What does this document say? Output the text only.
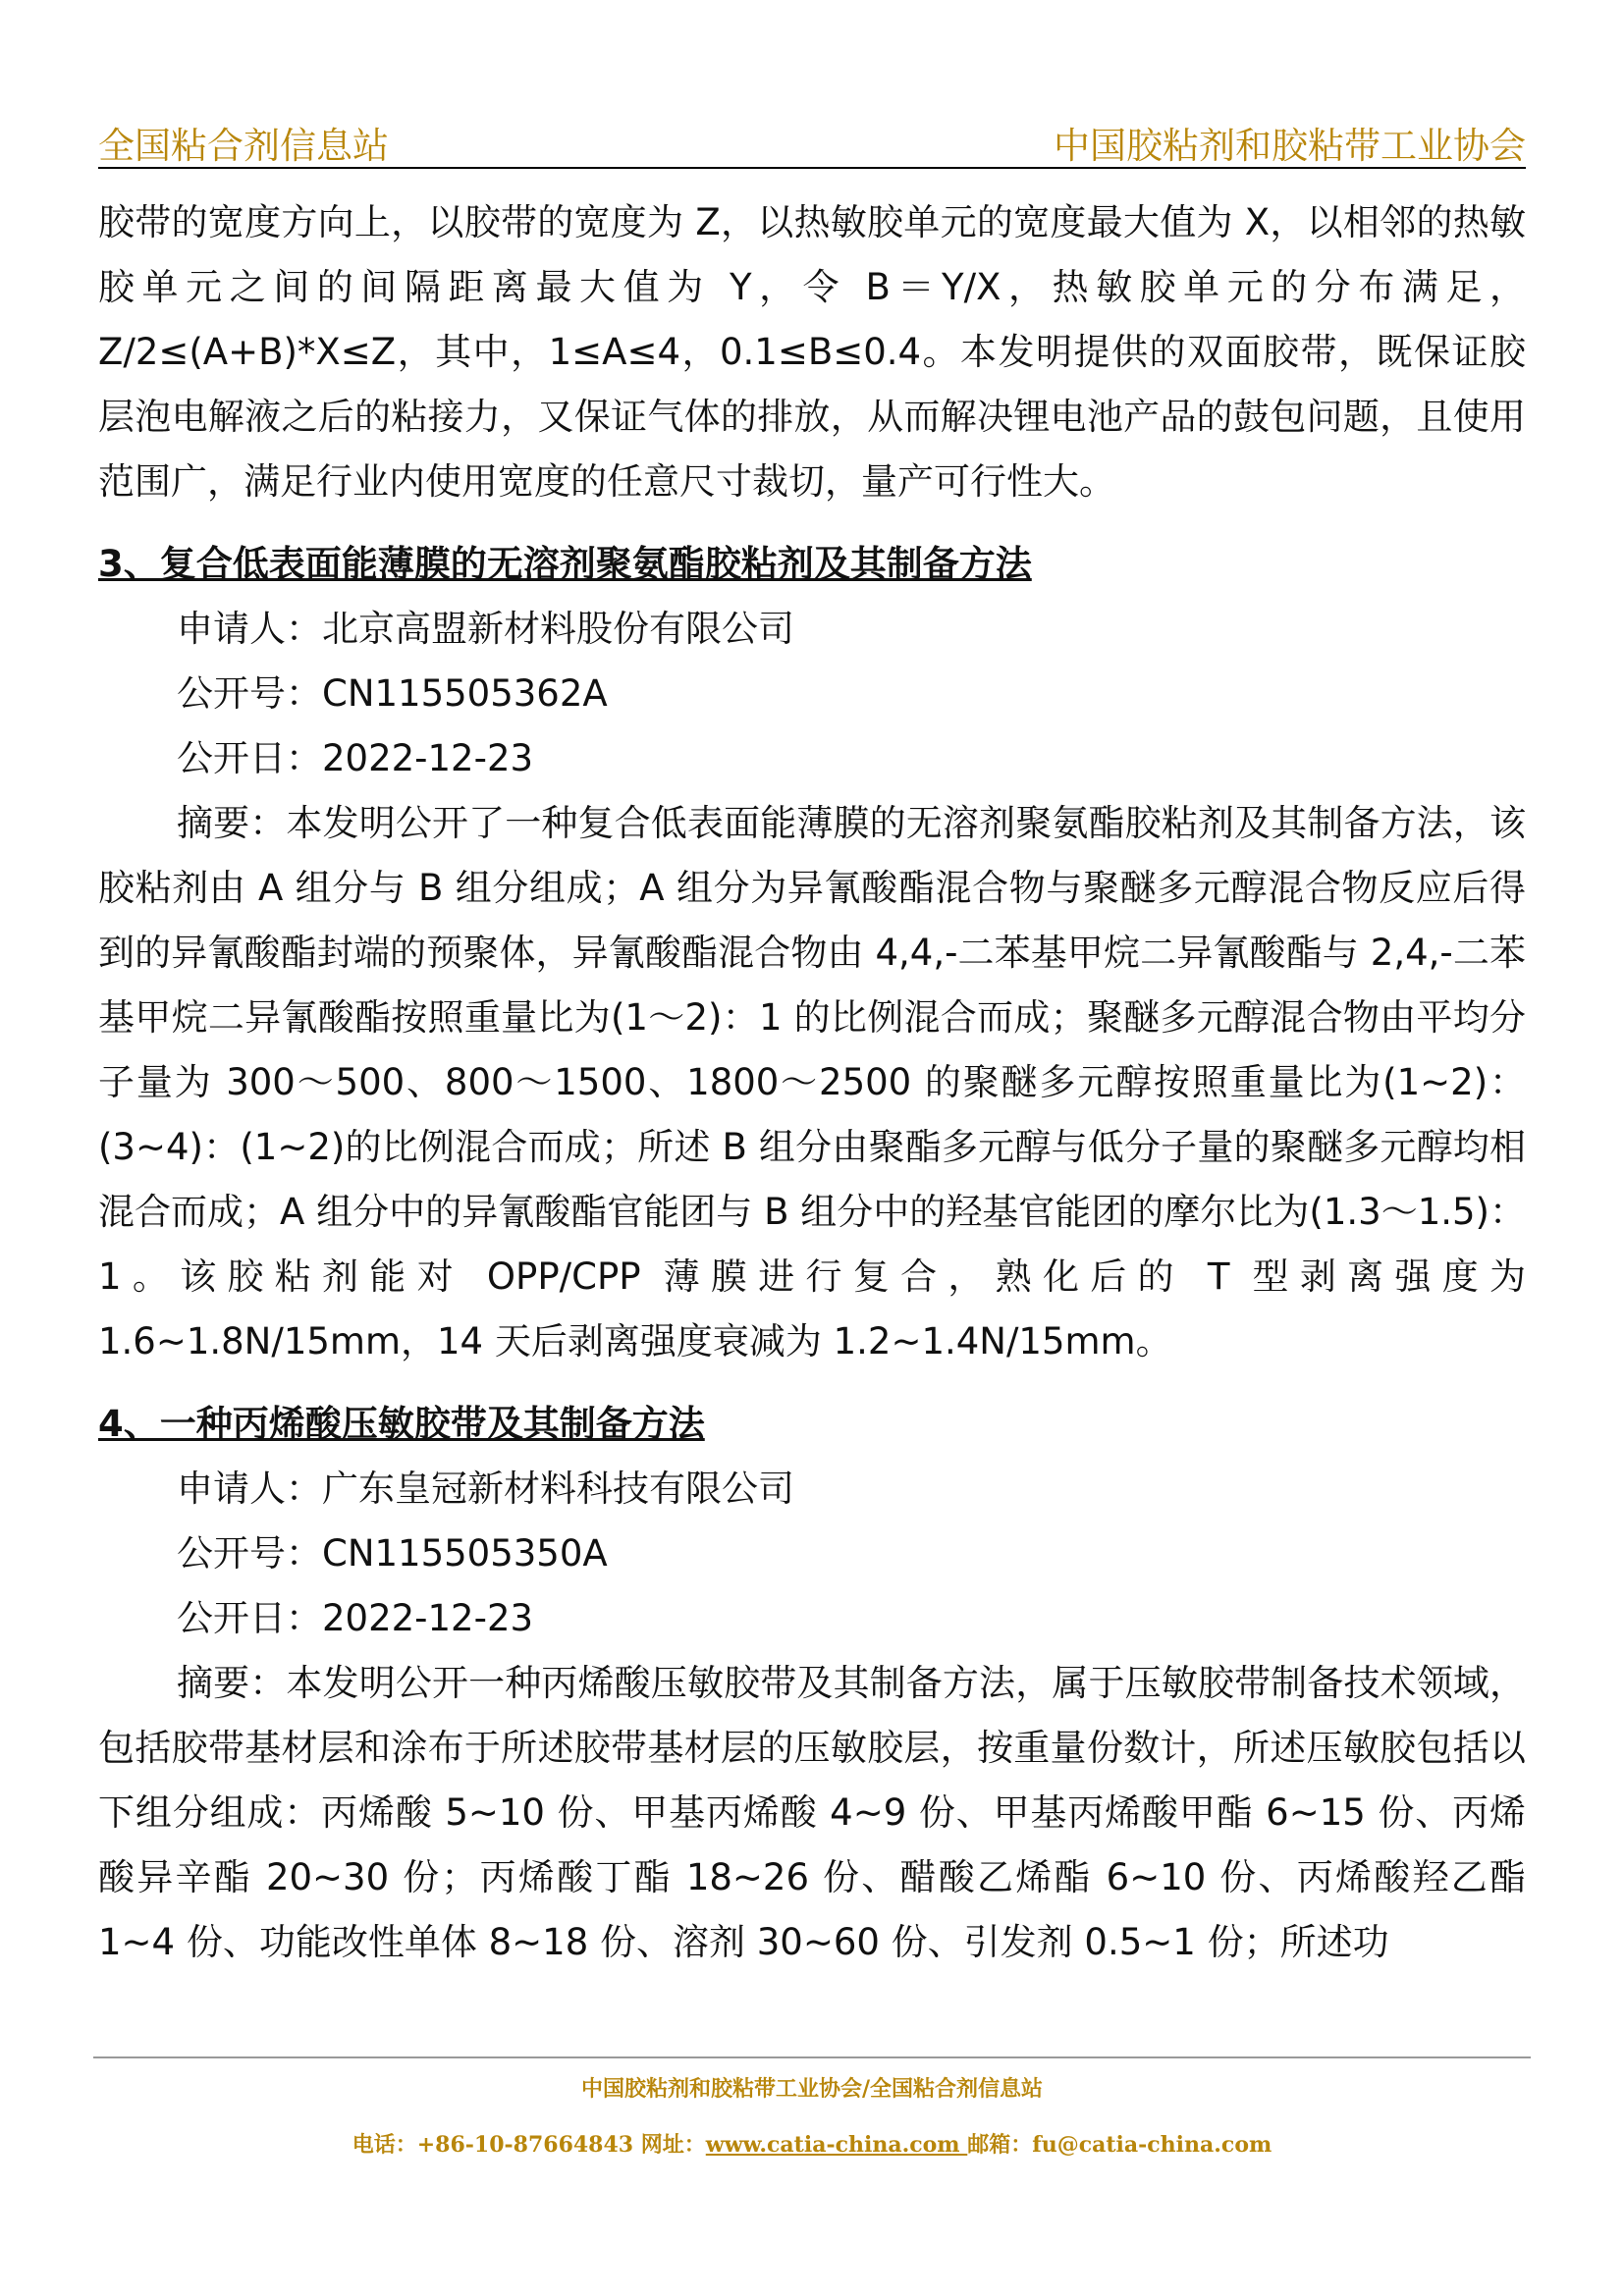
全国粘合剂信息站	中国胶粘剂和胶粘带工业协会

胶带的宽度方向上，以胶带的宽度为 Z，以热敏胶单元的宽度最大值为 X，以相邻的热敏胶单元之间的间隔距离最大值为 Y，令 B＝Y/X，热敏胶单元的分布满足，Z/2≤(A+B)*X≤Z，其中，1≤A≤4，0.1≤B≤0.4。本发明提供的双面胶带，既保证胶层泡电解液之后的粘接力，又保证气体的排放，从而解决锂电池产品的鼓包问题，且使用范围广，满足行业内使用宽度的任意尺寸裁切，量产可行性大。

3、复合低表面能薄膜的无溶剂聚氨酯胶粘剂及其制备方法

申请人：北京高盟新材料股份有限公司

公开号：CN115505362A

公开日：2022-12-23

摘要：本发明公开了一种复合低表面能薄膜的无溶剂聚氨酯胶粘剂及其制备方法，该胶粘剂由 A 组分与 B 组分组成；A 组分为异氰酸酯混合物与聚醚多元醇混合物反应后得到的异氰酸酯封端的预聚体，异氰酸酯混合物由 4,4,-二苯基甲烷二异氰酸酯与 2,4,-二苯基甲烷二异氰酸酯按照重量比为(1～2)：1 的比例混合而成；聚醚多元醇混合物由平均分子量为 300～500、800～1500、1800～2500 的聚醚多元醇按照重量比为(1~2)：(3~4)：(1~2)的比例混合而成；所述 B 组分由聚酯多元醇与低分子量的聚醚多元醇均相混合而成；A 组分中的异氰酸酯官能团与 B 组分中的羟基官能团的摩尔比为(1.3～1.5)：1。该胶粘剂能对 OPP/CPP 薄膜进行复合，熟化后的 T 型剥离强度为 1.6~1.8N/15mm，14 天后剥离强度衰减为 1.2~1.4N/15mm。

4、一种丙烯酸压敏胶带及其制备方法

申请人：广东皇冠新材料科技有限公司

公开号：CN115505350A

公开日：2022-12-23

摘要：本发明公开一种丙烯酸压敏胶带及其制备方法，属于压敏胶带制备技术领域，包括胶带基材层和涂布于所述胶带基材层的压敏胶层，按重量份数计，所述压敏胶包括以下组分组成：丙烯酸 5~10 份、甲基丙烯酸 4~9 份、甲基丙烯酸甲酯 6~15 份、丙烯酸异辛酯 20~30 份；丙烯酸丁酯 18~26 份、醋酸乙烯酯 6~10 份、丙烯酸羟乙酯 1~4 份、功能改性单体 8~18 份、溶剂 30~60 份、引发剂 0.5~1 份；所述功

中国胶粘剂和胶粘带工业协会/全国粘合剂信息站
电话：+86-10-87664843 网址：www.catia-china.com 邮箱：fu@catia-china.com
